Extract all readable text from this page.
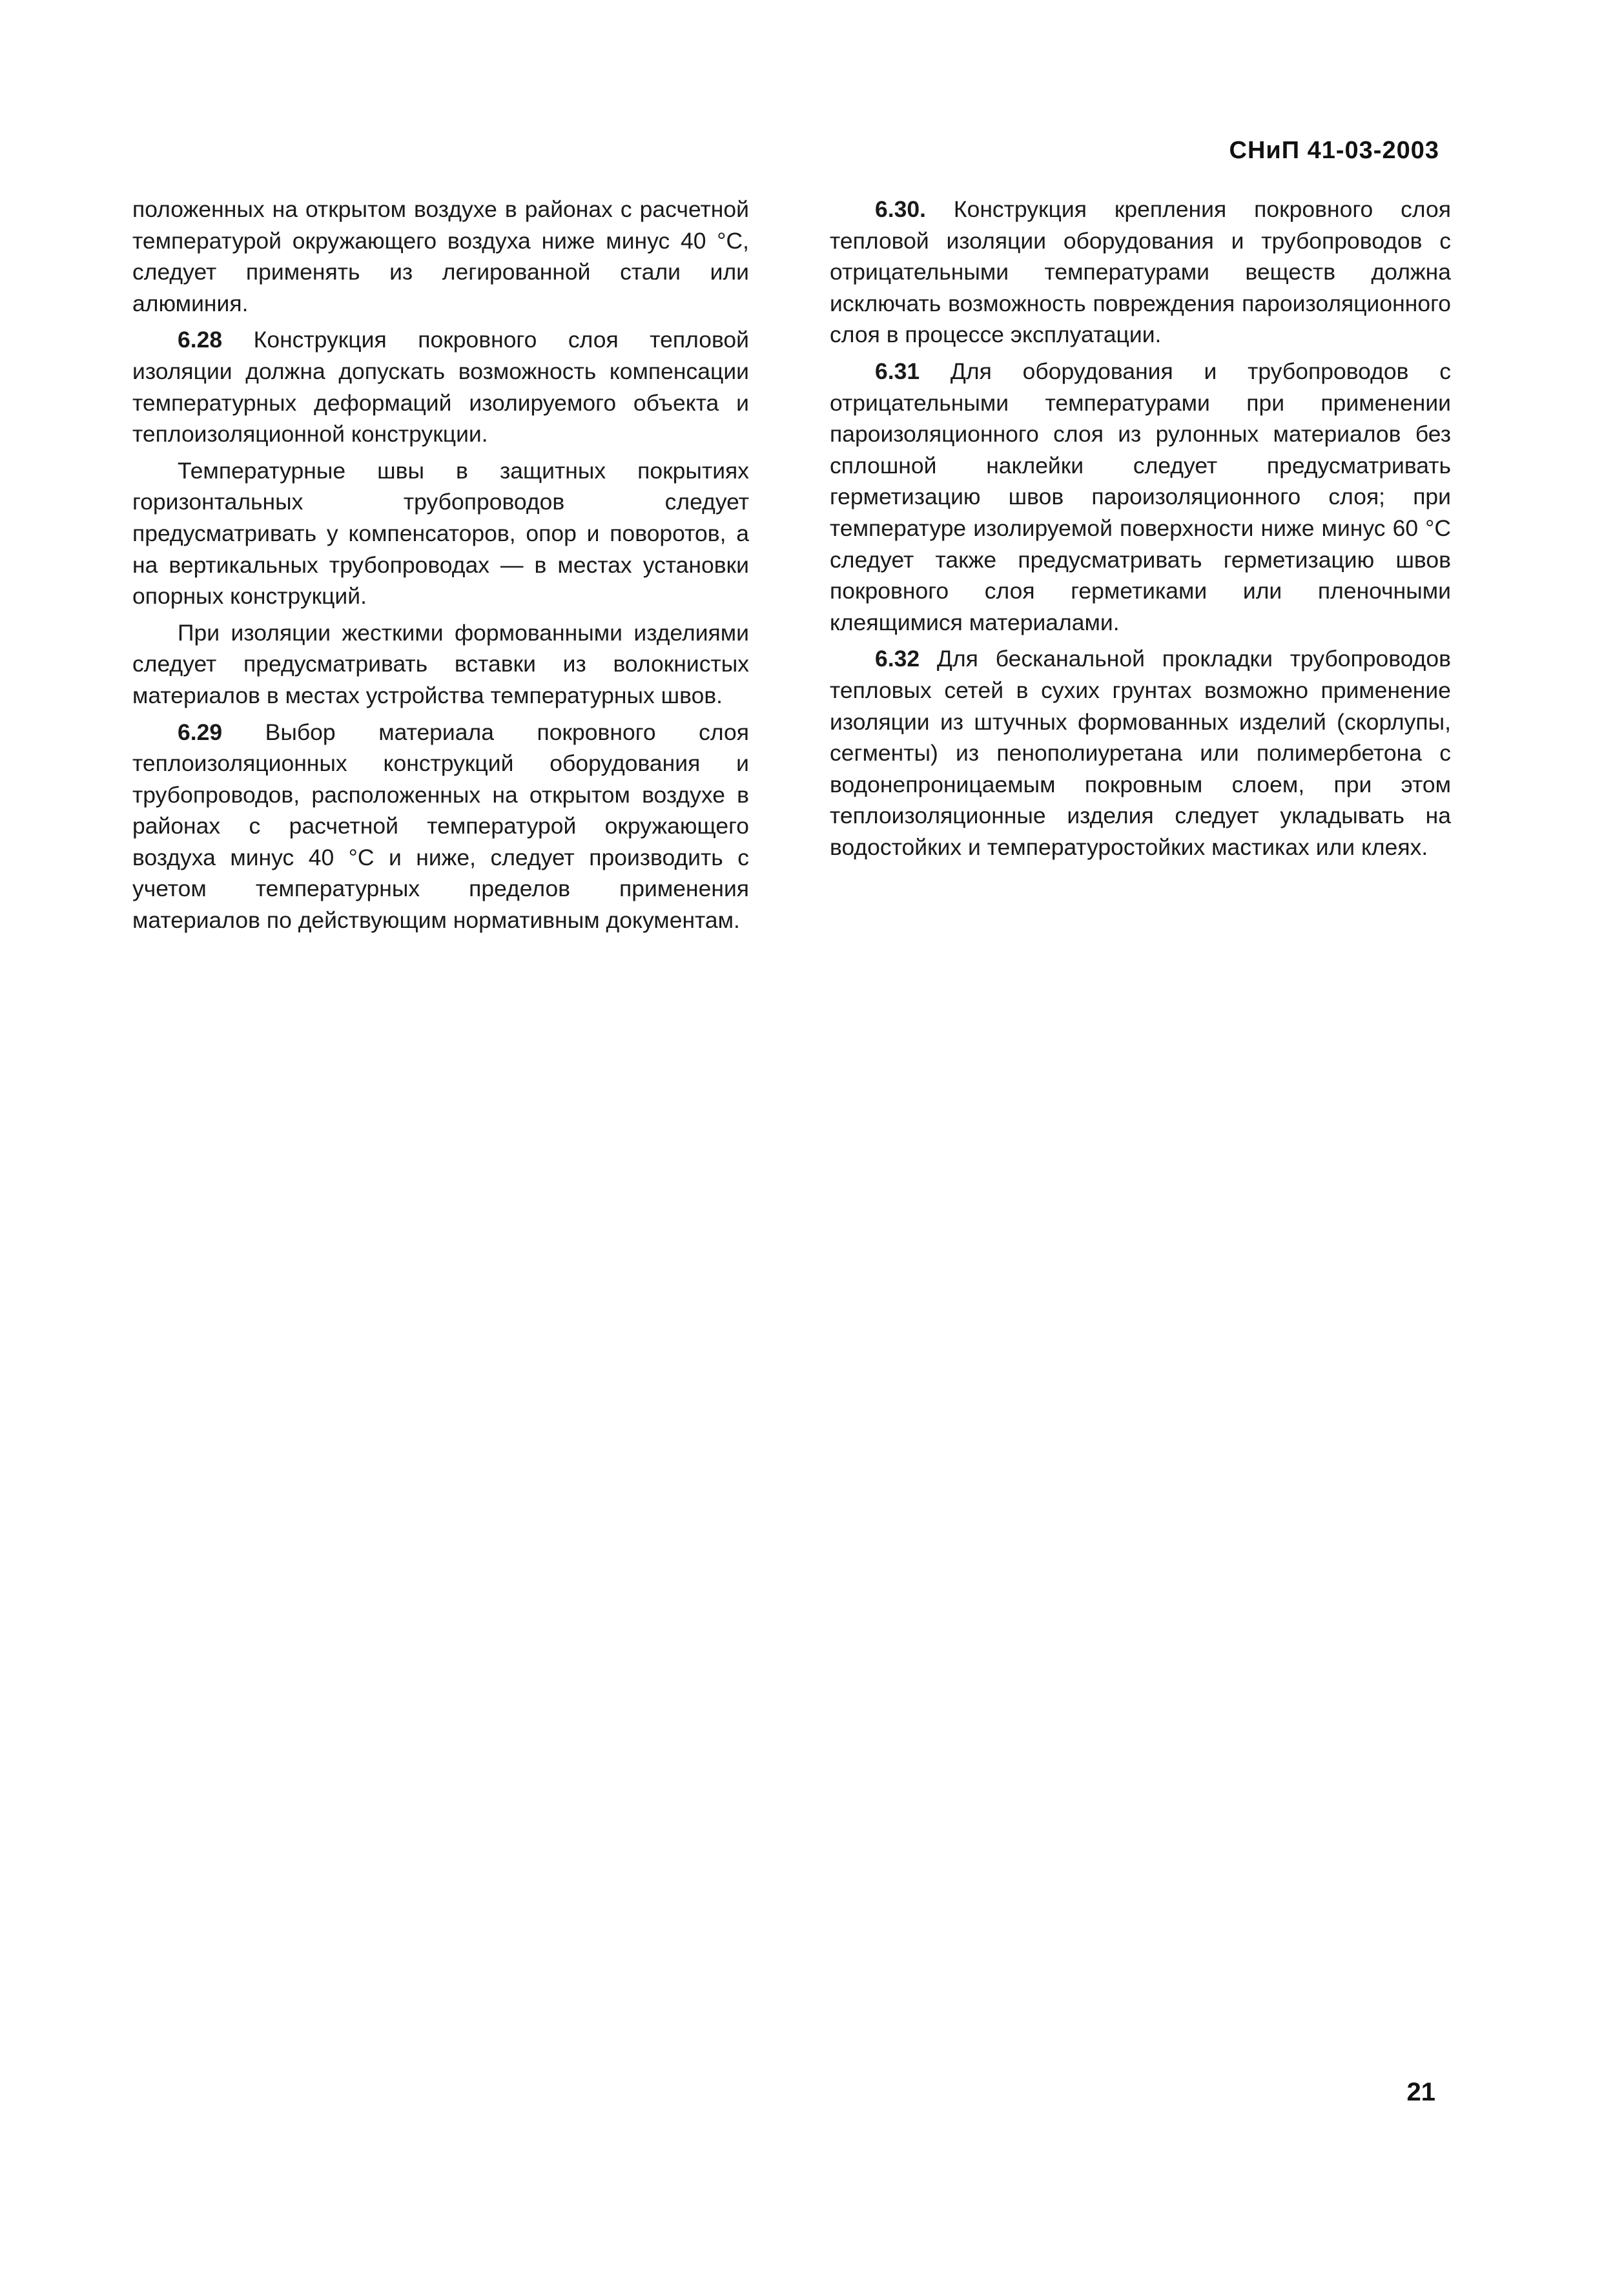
СНиП 41-03-2003

положенных на открытом воздухе в районах с расчетной температурой окружающего воздуха ниже минус 40 °С, следует применять из легированной стали или алюминия.

6.28 Конструкция покровного слоя тепловой изоляции должна допускать возможность компенсации температурных деформаций изолируемого объекта и теплоизоляционной конструкции.

Температурные швы в защитных покрытиях горизонтальных трубопроводов следует предусматривать у компенсаторов, опор и поворотов, а на вертикальных трубопроводах — в местах установки опорных конструкций.

При изоляции жесткими формованными изделиями следует предусматривать вставки из волокнистых материалов в местах устройства температурных швов.

6.29 Выбор материала покровного слоя теплоизоляционных конструкций оборудования и трубопроводов, расположенных на открытом воздухе в районах с расчетной температурой окружающего воздуха минус 40 °С и ниже, следует производить с учетом температурных пределов применения материалов по действующим нормативным документам.

6.30. Конструкция крепления покровного слоя тепловой изоляции оборудования и трубопроводов с отрицательными температурами веществ должна исключать возможность повреждения пароизоляционного слоя в процессе эксплуатации.

6.31 Для оборудования и трубопроводов с отрицательными температурами при применении пароизоляционного слоя из рулонных материалов без сплошной наклейки следует предусматривать герметизацию швов пароизоляционного слоя; при температуре изолируемой поверхности ниже минус 60 °С следует также предусматривать герметизацию швов покровного слоя герметиками или пленочными клеящимися материалами.

6.32 Для бесканальной прокладки трубопроводов тепловых сетей в сухих грунтах возможно применение изоляции из штучных формованных изделий (скорлупы, сегменты) из пенополиуретана или полимербетона с водонепроницаемым покровным слоем, при этом теплоизоляционные изделия следует укладывать на водостойких и температуростойких мастиках или клеях.

21
